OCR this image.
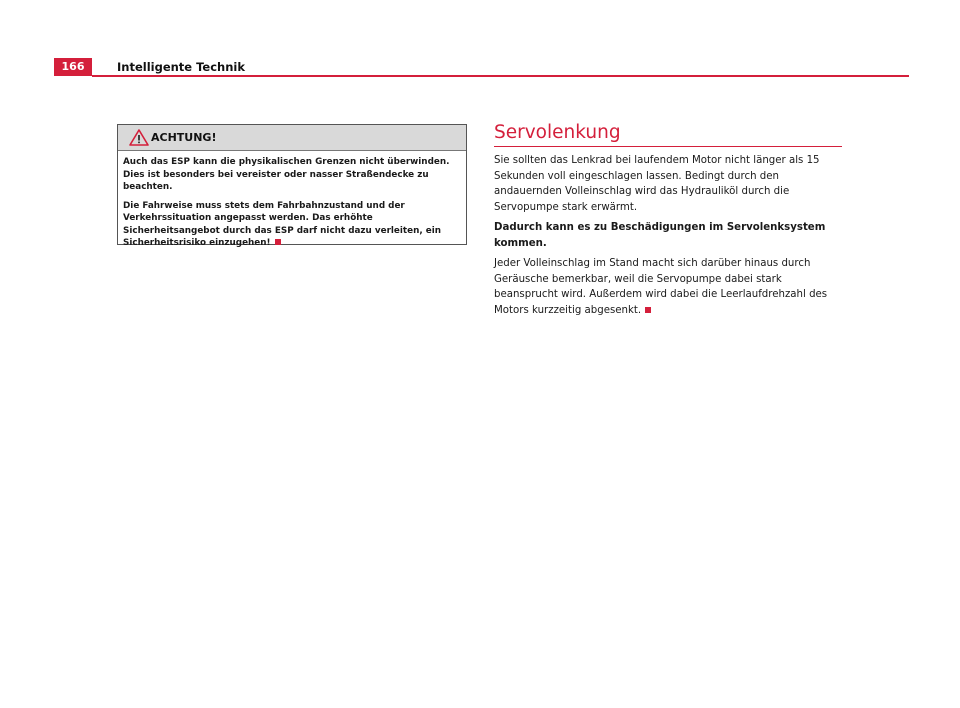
166	Intelligente Technik
ACHTUNG!

Auch das ESP kann die physikalischen Grenzen nicht überwinden. Dies ist besonders bei vereister oder nasser Straßendecke zu beachten.

Die Fahrweise muss stets dem Fahrbahnzustand und der Verkehrssituation angepasst werden. Das erhöhte Sicherheitsangebot durch das ESP darf nicht dazu verleiten, ein Sicherheitsrisiko einzugehen!

Servolenkung

Sie sollten das Lenkrad bei laufendem Motor nicht länger als 15 Sekunden voll eingeschlagen lassen. Bedingt durch den andauernden Volleinschlag wird das Hydrauliköl durch die Servopumpe stark erwärmt.

Dadurch kann es zu Beschädigungen im Servolenksystem kommen.

Jeder Volleinschlag im Stand macht sich darüber hinaus durch Geräusche bemerkbar, weil die Servopumpe dabei stark beansprucht wird. Außerdem wird dabei die Leerlaufdrehzahl des Motors kurzzeitig abgesenkt.
